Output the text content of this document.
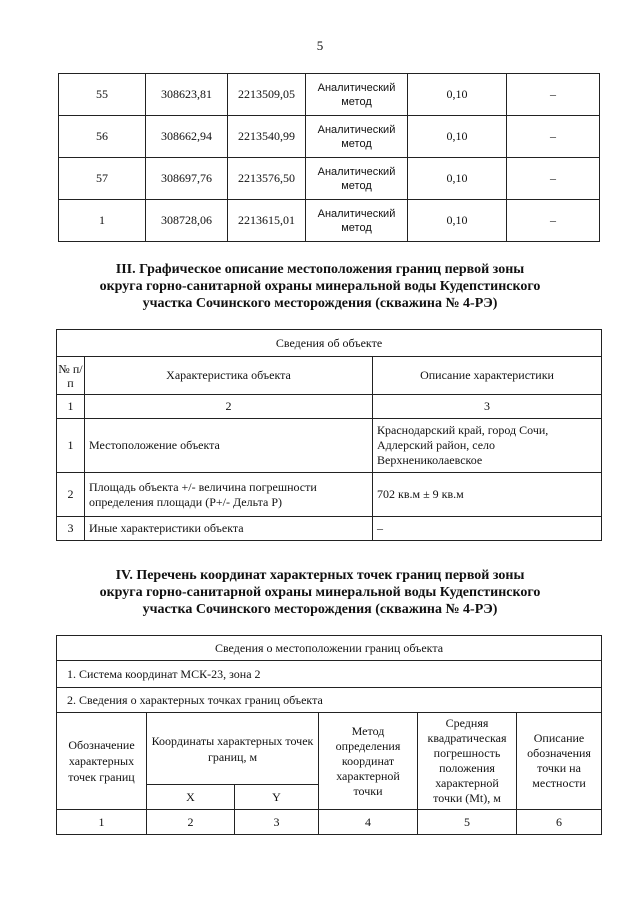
5
55	308623,81	2213509,05	Аналитический метод	0,10	–
56	308662,94	2213540,99	Аналитический метод	0,10	–
57	308697,76	2213576,50	Аналитический метод	0,10	–
1	308728,06	2213615,01	Аналитический метод	0,10	–
III. Графическое описание местоположения границ первой зоны
округа горно-санитарной охраны минеральной воды Кудепстинского
участка Сочинского месторождения (скважина № 4-РЭ)
Сведения об объекте		
№ п/п	Характеристика объекта	Описание характеристики
1	2	3
1	Местоположение объекта	Краснодарский край, город Сочи, Адлерский район, село Верхнениколаевское
2	Площадь объекта +/- величина погрешности определения площади (Р+/- Дельта Р)	702 кв.м ± 9 кв.м
3	Иные характеристики объекта	–
IV. Перечень координат характерных точек границ первой зоны
округа горно-санитарной охраны минеральной воды Кудепстинского
участка Сочинского месторождения (скважина № 4-РЭ)
Сведения о местоположении границ объекта					
1. Система координат МСК-23, зона 2					
2. Сведения о характерных точках границ объекта					
Обозначение характерных точек границ	Координаты характерных точек границ, м		Метод определения координат характерной точки	Средняя квадратическая погрешность положения характерной точки (Mt), м	Описание обозначения точки на местности
	X	Y			
1	2	3	4	5	6
